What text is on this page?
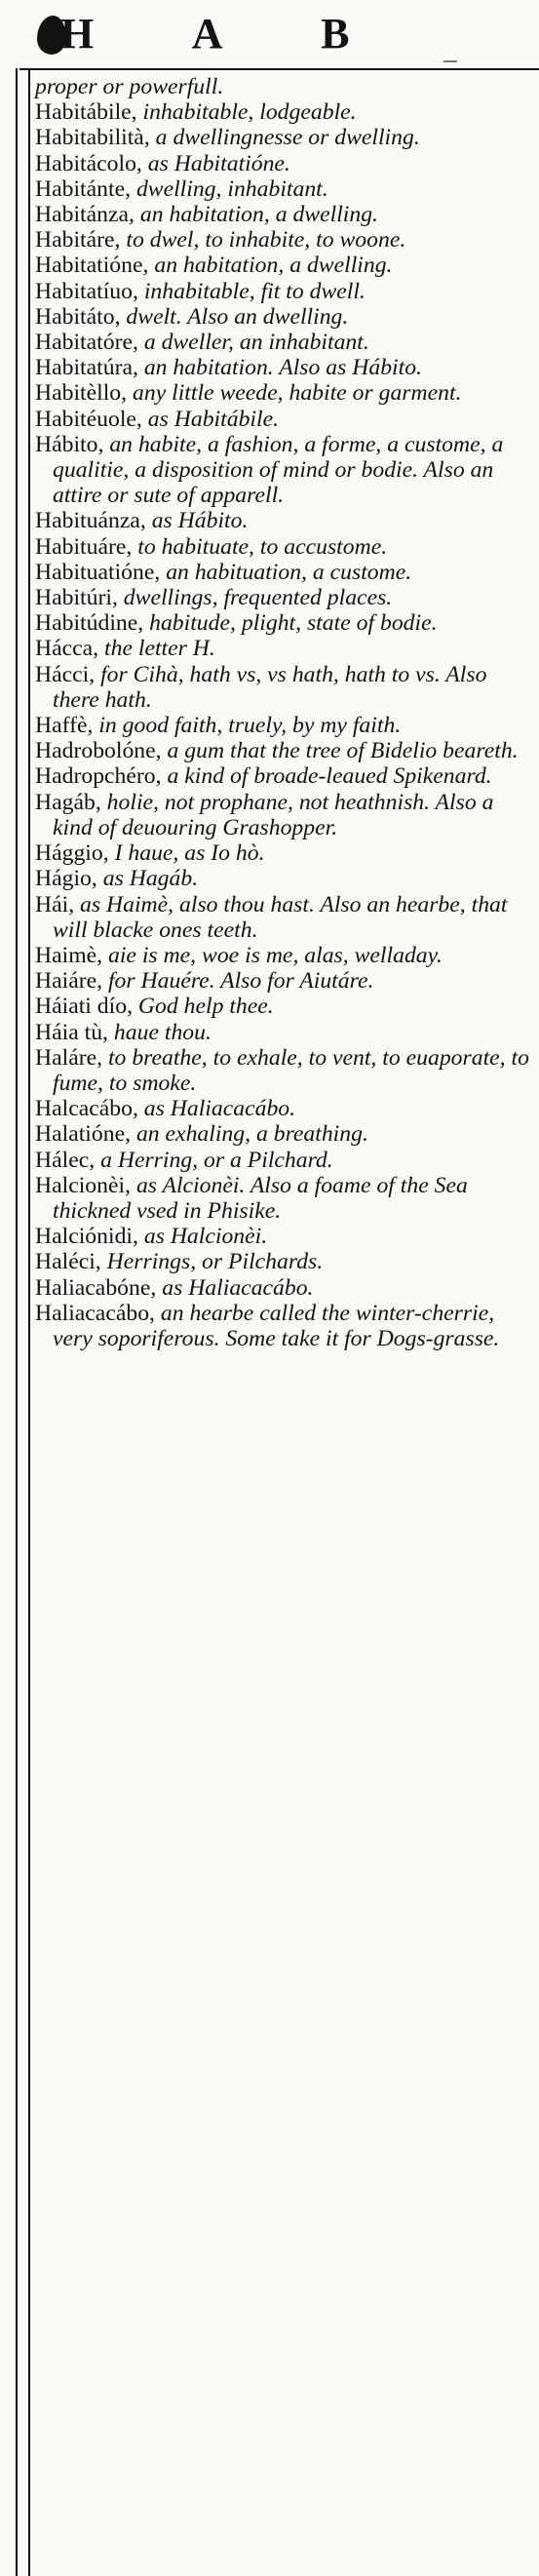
H A B

proper or powerfull.

Habitábile, inhabitable, lodgeable.

Habitabilità, a dwellingnesse or dwelling.

Habitácolo, as Habitatióne.

Habitánte, dwelling, inhabitant.

Habitánza, an habitation, a dwelling.

Habitáre, to dwel, to inhabite, to woone.

Habitatióne, an habitation, a dwelling.

Habitatíuo, inhabitable, fit to dwell.

Habitáto, dwelt. Also an dwelling.

Habitatóre, a dweller, an inhabitant.

Habitatúra, an habitation. Also as Hábito.

Habitèllo, any little weede, habite or garment.

Habitéuole, as Habitábile.

Hábito, an habite, a fashion, a forme, a custome, a qualitie, a disposition of mind or bodie. Also an attire or sute of apparell.

Habituánza, as Hábito.

Habituáre, to habituate, to accustome.

Habituatióne, an habituation, a custome.

Habitúri, dwellings, frequented places.

Habitúdine, habitude, plight, state of bodie.

Hácca, the letter H.

Hácci, for Cihà, hath vs, vs hath, hath to vs. Also there hath.

Haffè, in good faith, truely, by my faith.

Hadrobolóne, a gum that the tree of Bidelio beareth.

Hadropchéro, a kind of broade-leaued Spikenard.

Hagáb, holie, not prophane, not heathnish. Also a kind of deuouring Grashopper.

Hággio, I haue, as Io hò.

Hágio, as Hagáb.

Hái, as Haimè, also thou hast. Also an hearbe, that will blacke ones teeth.

Haimè, aie is me, woe is me, alas, welladay.

Haiáre, for Hauére. Also for Aiutáre.

Háiati dío, God help thee.

Háia tù, haue thou.

Haláre, to breathe, to exhale, to vent, to euaporate, to fume, to smoke.

Halcacábo, as Haliacacábo.

Halatióne, an exhaling, a breathing.

Hálec, a Herring, or a Pilchard.

Halcionèi, as Alcionèi. Also a foame of the Sea thickned vsed in Phisike.

Halciónidi, as Halcionèi.

Haléci, Herrings, or Pilchards.

Haliacabóne, as Haliacacábo.

Haliacacábo, an hearbe called the winter-cherrie, very soporiferous. Some take it for Dogs-grasse.
